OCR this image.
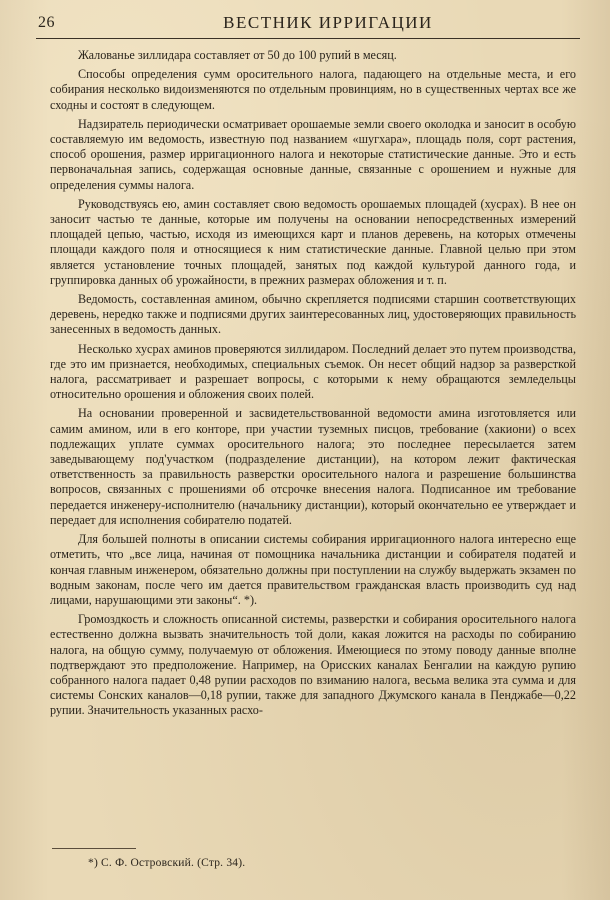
26	ВЕСТНИК ИРРИГАЦИИ

Жалованье зиллидара составляет от 50 до 100 рупий в месяц.

Способы определения сумм оросительного налога, падающего на отдельные места, и его собирания несколько видоизменяются по отдельным провинциям, но в существенных чертах все же сходны и состоят в следующем.

Надзиратель периодически осматривает орошаемые земли своего околодка и заносит в особую составляемую им ведомость, известную под названием «шугхара», площадь поля, сорт растения, способ орошения, размер ирригационного налога и некоторые статистические данные. Это и есть первоначальная запись, содержащая основные данные, связанные с орошением и нужные для определения суммы налога.

Руководствуясь ею, амин составляет свою ведомость орошаемых площадей (хусрах). В нее он заносит частью те данные, которые им получены на основании непосредственных измерений площадей цепью, частью, исходя из имеющихся карт и планов деревень, на которых отмечены площади каждого поля и относящиеся к ним статистические данные. Главной целью при этом является установление точных площадей, занятых под каждой культурой данного года, и группировка данных об урожайности, в прежних размерах обложения и т. п.

Ведомость, составленная амином, обычно скрепляется подписями старшин соответствующих деревень, нередко также и подписями других заинтересованных лиц, удостоверяющих правильность занесенных в ведомость данных.

Несколько хусрах аминов проверяются зиллидаром. Последний делает это путем производства, где это им признается, необходимых, специальных съемок. Он несет общий надзор за разверсткой налога, рассматривает и разрешает вопросы, с которыми к нему обращаются земледельцы относительно орошения и обложения своих полей.

На основании проверенной и засвидетельствованной ведомости амина изготовляется или самим амином, или в его конторе, при участии туземных писцов, требование (хакиони) о всех подлежащих уплате суммах оросительного налога; это последнее пересылается затем заведывающему под'участком (подразделение дистанции), на котором лежит фактическая ответственность за правильность разверстки оросительного налога и разрешение большинства вопросов, связанных с прошениями об отсрочке внесения налога. Подписанное им требование передается инженеру-исполнителю (начальнику дистанции), который окончательно ее утверждает и передает для исполнения собирателю податей.

Для большей полноты в описании системы собирания ирригационного налога интересно еще отметить, что „все лица, начиная от помощника начальника дистанции и собирателя податей и кончая главным инженером, обязательно должны при поступлении на службу выдержать экзамен по водным законам, после чего им дается правительством гражданская власть производить суд над лицами, нарушающими эти законы“. *).

Громоздкость и сложность описанной системы, разверстки и собирания оросительного налога естественно должна вызвать значительность той доли, какая ложится на расходы по собиранию налога, на общую сумму, получаемую от обложения. Имеющиеся по этому поводу данные вполне подтверждают это предположение. Например, на Орисских каналах Бенгалии на каждую рупию собранного налога падает 0,48 рупии расходов по взиманию налога, весьма велика эта сумма и для системы Сонских каналов—0,18 рупии, также для западного Джумского канала в Пенджабе—0,22 рупии. Значительность указанных расхо-

*) С. Ф. Островский. (Стр. 34).
